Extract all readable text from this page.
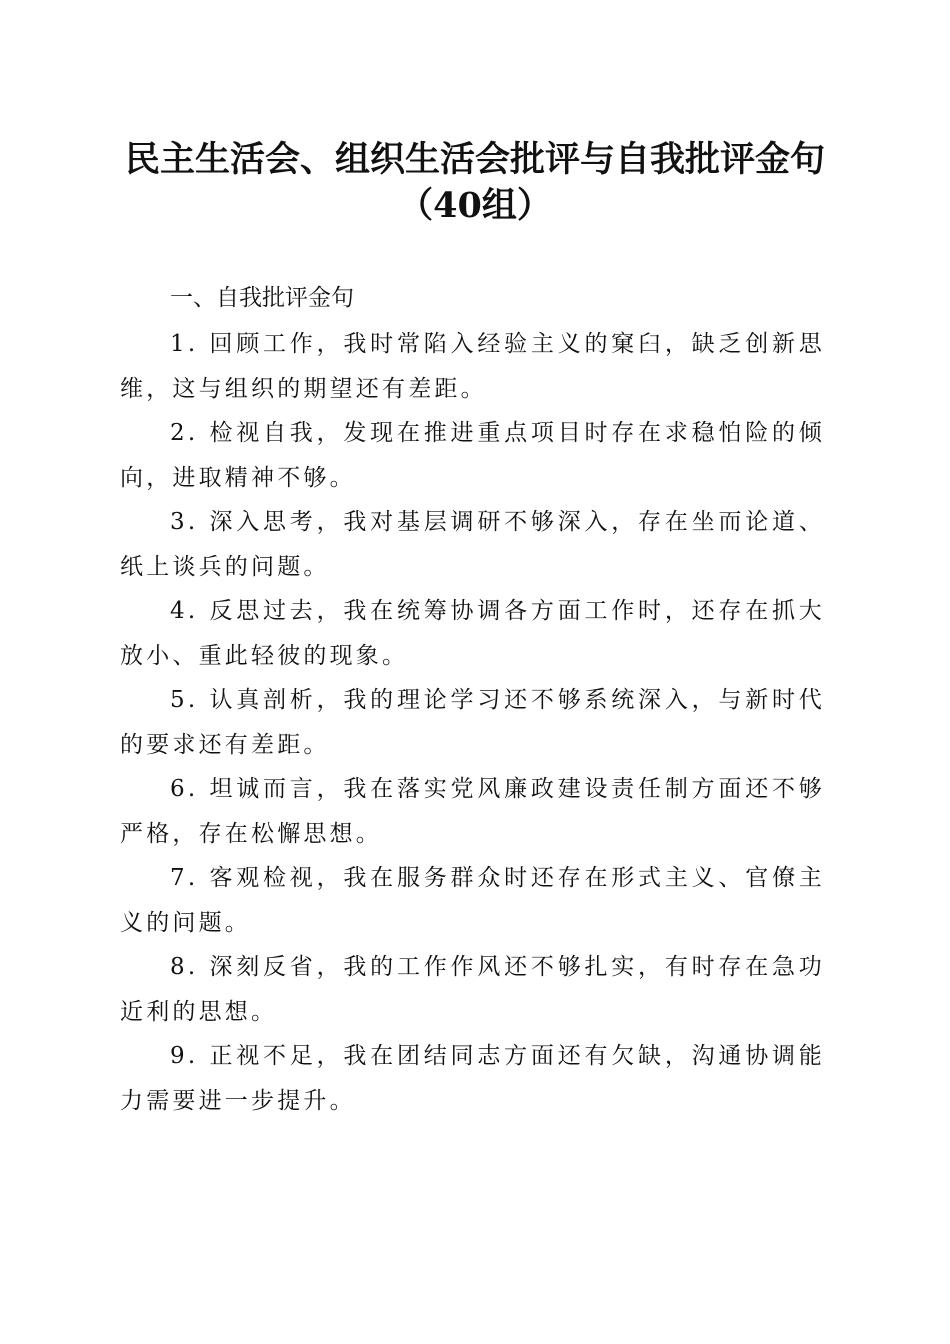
民主生活会、组织生活会批评与自我批评金句
（40组）
一、自我批评金句

1. 回顾工作，我时常陷入经验主义的窠臼，缺乏创新思维，这与组织的期望还有差距。

2. 检视自我，发现在推进重点项目时存在求稳怕险的倾向，进取精神不够。

3. 深入思考，我对基层调研不够深入，存在坐而论道、纸上谈兵的问题。

4. 反思过去，我在统筹协调各方面工作时，还存在抓大放小、重此轻彼的现象。

5. 认真剖析，我的理论学习还不够系统深入，与新时代的要求还有差距。

6. 坦诚而言，我在落实党风廉政建设责任制方面还不够严格，存在松懈思想。

7. 客观检视，我在服务群众时还存在形式主义、官僚主义的问题。

8. 深刻反省，我的工作作风还不够扎实，有时存在急功近利的思想。

9. 正视不足，我在团结同志方面还有欠缺，沟通协调能力需要进一步提升。
